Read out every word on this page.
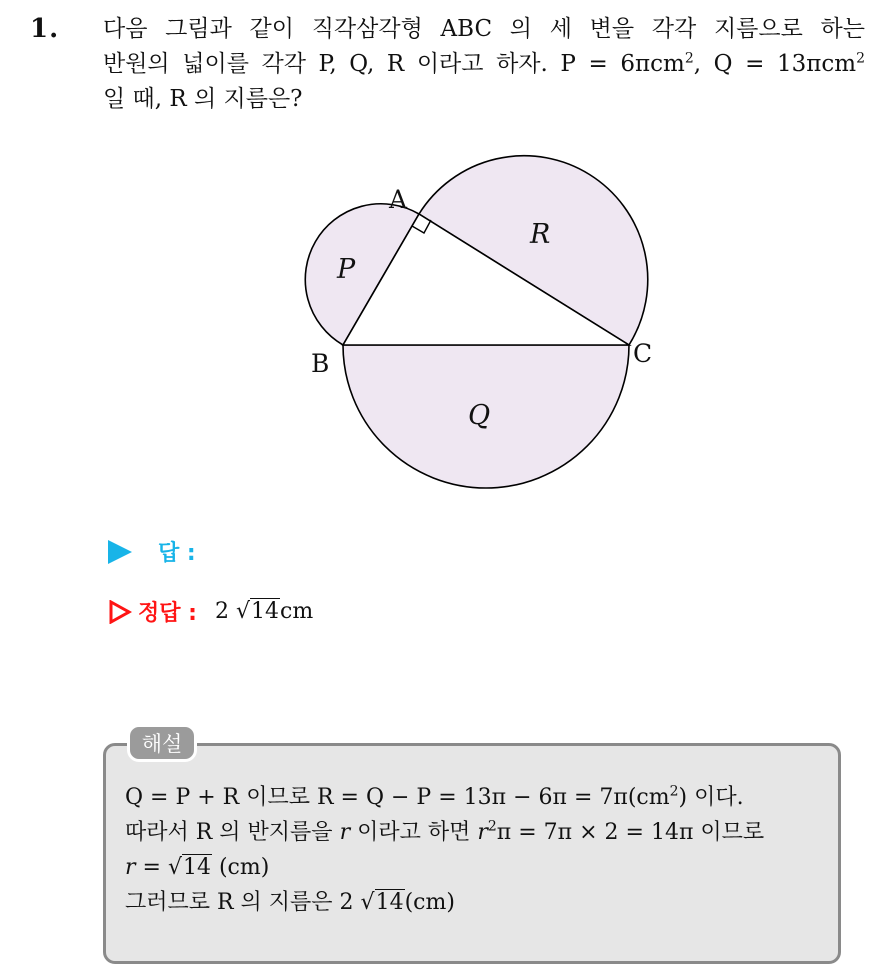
1. 다음 그림과 같이 직각삼각형 ABC 의 세 변을 각각 지름으로 하는
반원의 넓이를 각각 P, Q, R 이라고 하자. P = 6πcm$^2$, Q = 13πcm$^2$
일 때, R 의 지름은?
A
B	C
P
R
Q
답 :
정답 : 2 √14cm
해설
Q = P + R 이므로 $R = Q - P = 13\pi - 6\pi = 7\pi(cm^2)$ 이다.
따라서 R 의 반지름을 r 이라고 하면 $r^2\pi = 7\pi \times 2 = 14\pi$ 이므로
r = √14 (cm)
그러므로 R 의 지름은 2 √14(cm)
